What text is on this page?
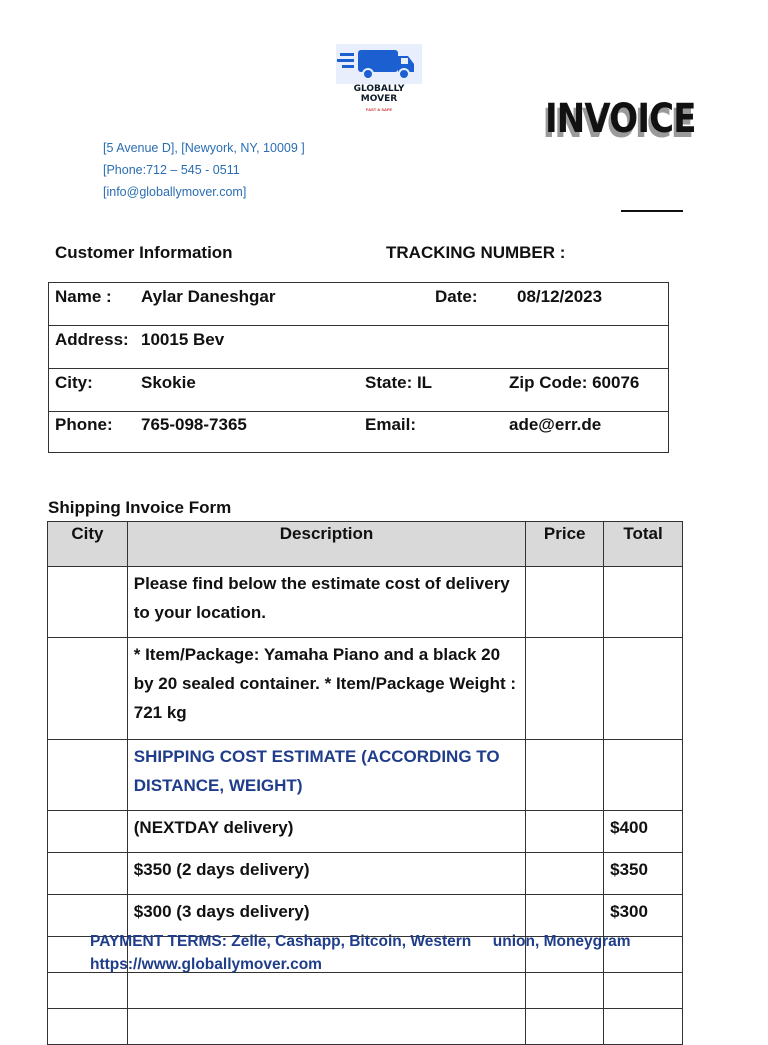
GLOBALLY
MOVER
FAST & SAFE	INVOICE
[5 Avenue D], [Newyork, NY, 10009 ]
[Phone:712 – 545 - 0511
[info@globallymover.com]
Customer Information	TRACKING NUMBER :
Name : Aylar Daneshgar	Date: 08/12/2023
Address: 10015 Bev
City:	Skokie	State: IL	Zip Code: 60076
Phone: 765-098-7365	Email:	ade@err.de
Shipping Invoice Form
City	Description	Price	Total

	Please find below the estimate cost of delivery to your location.		

	* Item/Package: Yamaha Piano and a black 20 by 20 sealed container. * Item/Package Weight : 721 kg		

	SHIPPING COST ESTIMATE (ACCORDING TO DISTANCE, WEIGHT)		

	(NEXTDAY delivery)		$400

	$350 (2 days delivery)		$350

	$300 (3 days delivery)		$300

PAYMENT TERMS: Zelle, Cashapp, Bitcoin, Western     union, Moneygram
https://www.globallymover.com
